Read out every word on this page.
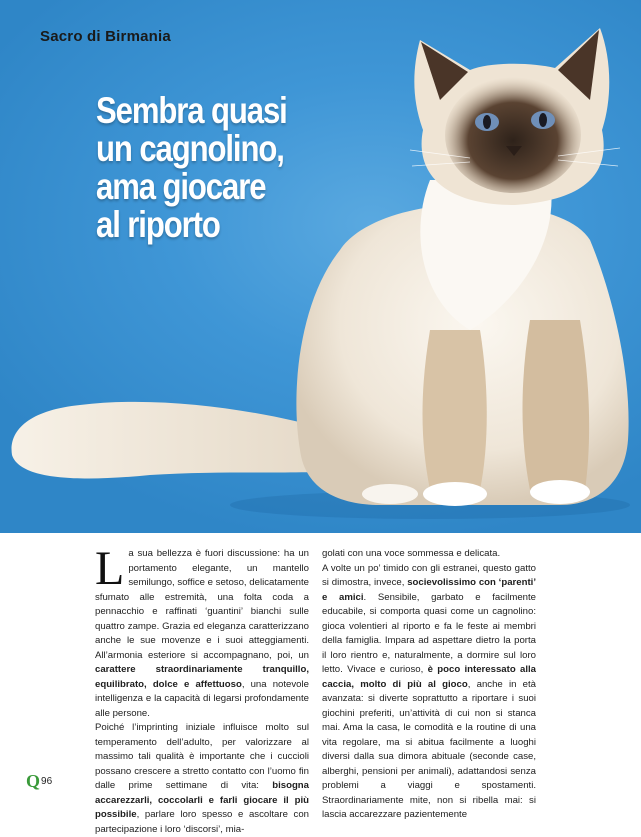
Sacro di Birmania
Sembra quasi
un cagnolino,
ama giocare
al riporto

La sua bellezza è fuori discussione: ha un portamento elegante, un mantello semilungo, soffice e setoso, delicatamente sfumato alle estremità, una folta coda a pennacchio e raffinati ‘guantini’ bianchi sulle quattro zampe. Grazia ed eleganza caratterizzano anche le sue movenze e i suoi atteggiamenti. All’armonia esteriore si accompagnano, poi, un carattere straordinariamente tranquillo, equilibrato, dolce e affettuoso, una notevole intelligenza e la capacità di legarsi profondamente alle persone.

Poiché l’imprinting iniziale influisce molto sul temperamento dell’adulto, per valorizzare al massimo tali qualità è importante che i cuccioli possano crescere a stretto contatto con l’uomo fin dalle prime settimane di vita: bisogna accarezzarli, coccolarli e farli giocare il più possibile, parlare loro spesso e ascoltare con partecipazione i loro ‘discorsi’, mia-

golati con una voce sommessa e delicata.

A volte un po’ timido con gli estranei, questo gatto si dimostra, invece, socievolissimo con ‘parenti’ e amici. Sensibile, garbato e facilmente educabile, si comporta quasi come un cagnolino: gioca volentieri al riporto e fa le feste ai membri della famiglia. Impara ad aspettare dietro la porta il loro rientro e, naturalmente, a dormire sul loro letto. Vivace e curioso, è poco interessato alla caccia, molto di più al gioco, anche in età avanzata: si diverte soprattutto a riportare i suoi giochini preferiti, un’attività di cui non si stanca mai. Ama la casa, le comodità e la routine di una vita regolare, ma si abitua facilmente a luoghi diversi dalla sua dimora abituale (seconde case, alberghi, pensioni per animali), adattandosi senza problemi a viaggi e spostamenti. Straordinariamente mite, non si ribella mai: si lascia accarezzare pazientemente

Q96
